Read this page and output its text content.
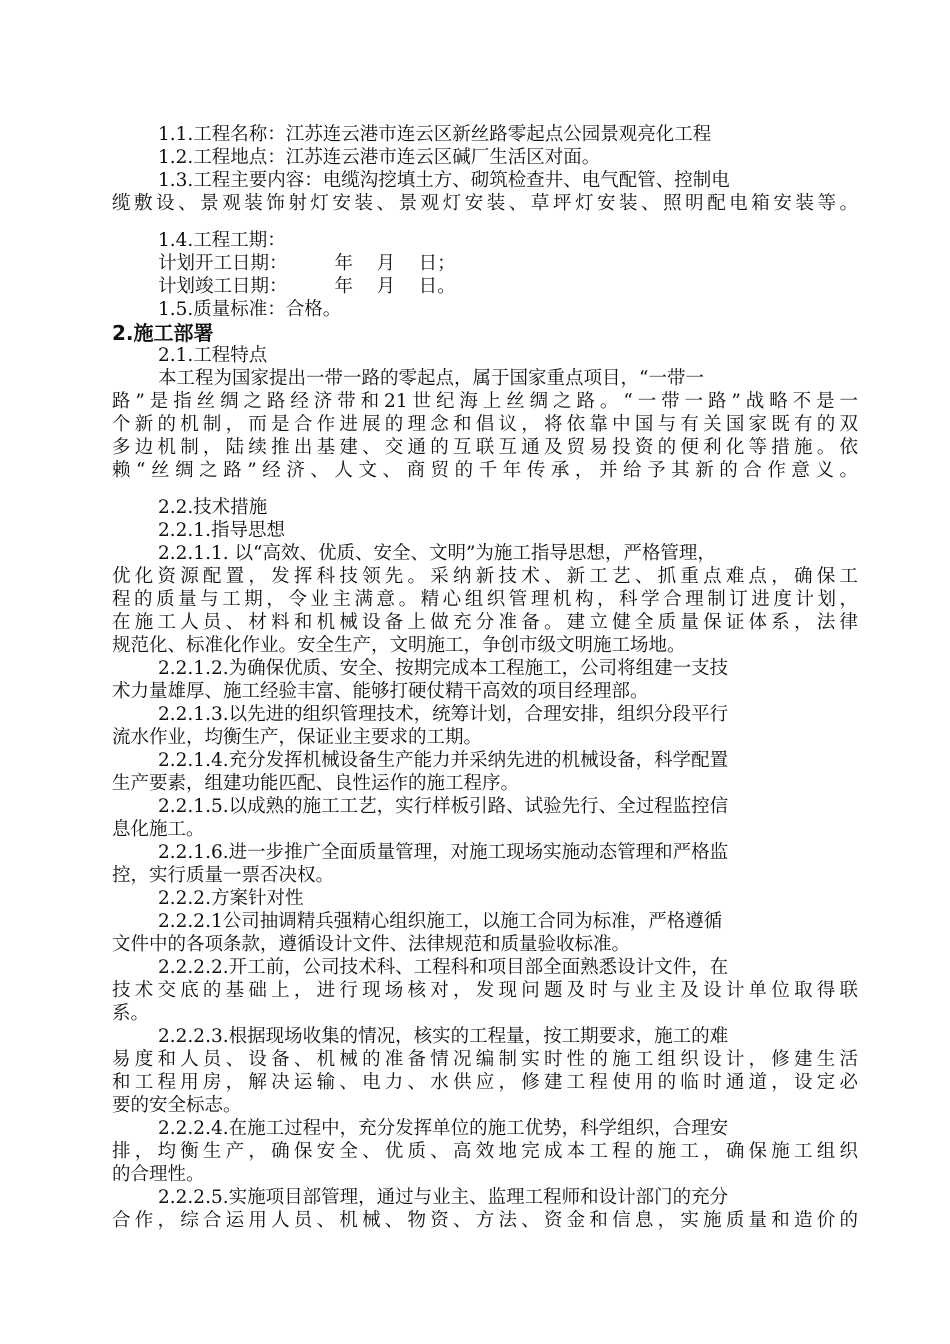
1.1.工程名称：江苏连云港市连云区新丝路零起点公园景观亮化工程
1.2.工程地点：江苏连云港市连云区碱厂生活区对面。
1.3.工程主要内容：电缆沟挖填土方、砌筑检查井、电气配管、控制电
缆敷设、景观装饰射灯安装、景观灯安装、草坪灯安装、照明配电箱安装等。
1.4.工程工期：
计划开工日期：        年    月    日；
计划竣工日期：        年    月    日。
1.5.质量标准：合格。
2.施工部署
2.1.工程特点
本工程为国家提出一带一路的零起点，属于国家重点项目，“一带一
路”是指丝绸之路经济带和21世纪海上丝绸之路。“一带一路”战略不是一
个新的机制，而是合作进展的理念和倡议，将依靠中国与有关国家既有的双
多边机制，陆续推出基建、交通的互联互通及贸易投资的便利化等措施。依
赖“丝绸之路”经济、人文、商贸的千年传承，并给予其新的合作意义。
2.2.技术措施
2.2.1.指导思想
2.2.1.1. 以“高效、优质、安全、文明”为施工指导思想，严格管理，
优化资源配置，发挥科技领先。采纳新技术、新工艺、抓重点难点，确保工
程的质量与工期，令业主满意。精心组织管理机构，科学合理制订进度计划，
在施工人员、材料和机械设备上做充分准备。建立健全质量保证体系，法律
规范化、标准化作业。安全生产，文明施工，争创市级文明施工场地。
2.2.1.2.为确保优质、安全、按期完成本工程施工，公司将组建一支技
术力量雄厚、施工经验丰富、能够打硬仗精干高效的项目经理部。
2.2.1.3.以先进的组织管理技术，统筹计划，合理安排，组织分段平行
流水作业，均衡生产，保证业主要求的工期。
2.2.1.4.充分发挥机械设备生产能力并采纳先进的机械设备，科学配置
生产要素，组建功能匹配、良性运作的施工程序。
2.2.1.5.以成熟的施工工艺，实行样板引路、试验先行、全过程监控信
息化施工。
2.2.1.6.进一步推广全面质量管理，对施工现场实施动态管理和严格监
控，实行质量一票否决权。
2.2.2.方案针对性
2.2.2.1公司抽调精兵强精心组织施工，以施工合同为标准，严格遵循
文件中的各项条款，遵循设计文件、法律规范和质量验收标准。
2.2.2.2.开工前，公司技术科、工程科和项目部全面熟悉设计文件，在
技术交底的基础上，进行现场核对，发现问题及时与业主及设计单位取得联
系。
2.2.2.3.根据现场收集的情况，核实的工程量，按工期要求，施工的难
易度和人员、设备、机械的准备情况编制实时性的施工组织设计，修建生活
和工程用房，解决运输、电力、水供应，修建工程使用的临时通道，设定必
要的安全标志。
2.2.2.4.在施工过程中，充分发挥单位的施工优势，科学组织，合理安
排，均衡生产，确保安全、优质、高效地完成本工程的施工，确保施工组织
的合理性。
2.2.2.5.实施项目部管理，通过与业主、监理工程师和设计部门的充分
合作，综合运用人员、机械、物资、方法、资金和信息，实施质量和造价的
